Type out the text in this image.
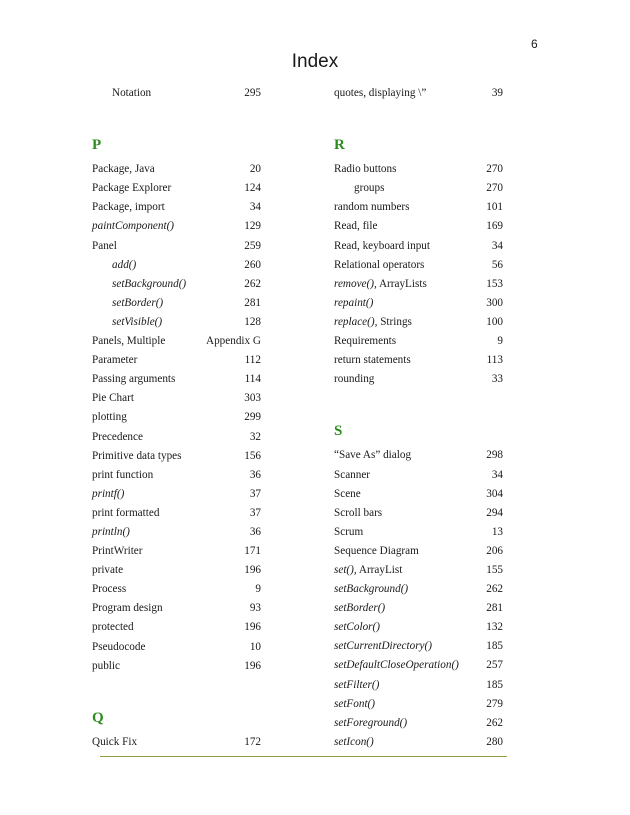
6
Index
Notation	295
P
Package, Java	20
Package Explorer	124
Package, import	34
paintComponent()	129
Panel	259
add()	260
setBackground()	262
setBorder()	281
setVisible()	128
Panels, Multiple	Appendix G
Parameter	112
Passing arguments	114
Pie Chart	303
plotting	299
Precedence	32
Primitive data types	156
print function	36
printf()	37
print formatted	37
println()	36
PrintWriter	171
private	196
Process	9
Program design	93
protected	196
Pseudocode	10
public	196
Q
Quick Fix	172
quotes, displaying \”	39
R
Radio buttons	270
groups	270
random numbers	101
Read, file	169
Read, keyboard input	34
Relational operators	56
remove(), ArrayLists	153
repaint()	300
replace(), Strings	100
Requirements	9
return statements	113
rounding	33
S
“Save As” dialog	298
Scanner	34
Scene	304
Scroll bars	294
Scrum	13
Sequence Diagram	206
set(), ArrayList	155
setBackground()	262
setBorder()	281
setColor()	132
setCurrentDirectory()	185
setDefaultCloseOperation() 257
setFilter()	185
setFont()	279
setForeground()	262
setIcon()	280
